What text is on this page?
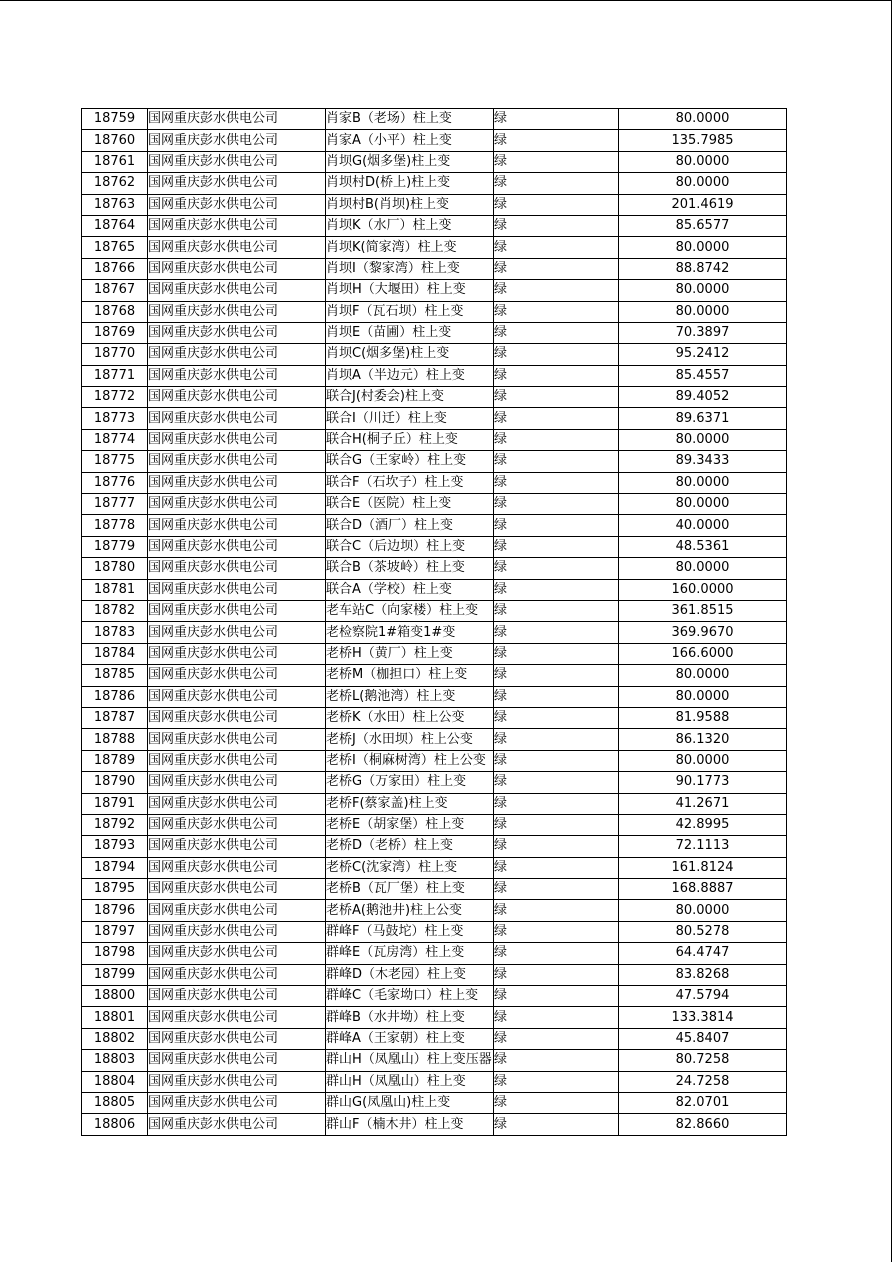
18759	国网重庆彭水供电公司	肖家B（老场）柱上变	绿	80.0000
18760	国网重庆彭水供电公司	肖家A（小平）柱上变	绿	135.7985
18761	国网重庆彭水供电公司	肖坝G(烟多堡)柱上变	绿	80.0000
18762	国网重庆彭水供电公司	肖坝村D(桥上)柱上变	绿	80.0000
18763	国网重庆彭水供电公司	肖坝村B(肖坝)柱上变	绿	201.4619
18764	国网重庆彭水供电公司	肖坝K（水厂）柱上变	绿	85.6577
18765	国网重庆彭水供电公司	肖坝K(简家湾）柱上变	绿	80.0000
18766	国网重庆彭水供电公司	肖坝I（黎家湾）柱上变	绿	88.8742
18767	国网重庆彭水供电公司	肖坝H（大堰田）柱上变	绿	80.0000
18768	国网重庆彭水供电公司	肖坝F（瓦石坝）柱上变	绿	80.0000
18769	国网重庆彭水供电公司	肖坝E（苗圃）柱上变	绿	70.3897
18770	国网重庆彭水供电公司	肖坝C(烟多堡)柱上变	绿	95.2412
18771	国网重庆彭水供电公司	肖坝A（半边元）柱上变	绿	85.4557
18772	国网重庆彭水供电公司	联合J(村委会)柱上变	绿	89.4052
18773	国网重庆彭水供电公司	联合I（川迁）柱上变	绿	89.6371
18774	国网重庆彭水供电公司	联合H(桐子丘）柱上变	绿	80.0000
18775	国网重庆彭水供电公司	联合G（王家岭）柱上变	绿	89.3433
18776	国网重庆彭水供电公司	联合F（石坎子）柱上变	绿	80.0000
18777	国网重庆彭水供电公司	联合E（医院）柱上变	绿	80.0000
18778	国网重庆彭水供电公司	联合D（酒厂）柱上变	绿	40.0000
18779	国网重庆彭水供电公司	联合C（后边坝）柱上变	绿	48.5361
18780	国网重庆彭水供电公司	联合B（茶坡岭）柱上变	绿	80.0000
18781	国网重庆彭水供电公司	联合A（学校）柱上变	绿	160.0000
18782	国网重庆彭水供电公司	老车站C（向家楼）柱上变	绿	361.8515
18783	国网重庆彭水供电公司	老检察院1#箱变1#变	绿	369.9670
18784	国网重庆彭水供电公司	老桥H（黄厂）柱上变	绿	166.6000
18785	国网重庆彭水供电公司	老桥M（枷担口）柱上变	绿	80.0000
18786	国网重庆彭水供电公司	老桥L(鹅池湾）柱上变	绿	80.0000
18787	国网重庆彭水供电公司	老桥K（水田）柱上公变	绿	81.9588
18788	国网重庆彭水供电公司	老桥J（水田坝）柱上公变	绿	86.1320
18789	国网重庆彭水供电公司	老桥I（桐麻树湾）柱上公变	绿	80.0000
18790	国网重庆彭水供电公司	老桥G（万家田）柱上变	绿	90.1773
18791	国网重庆彭水供电公司	老桥F(蔡家盖)柱上变	绿	41.2671
18792	国网重庆彭水供电公司	老桥E（胡家堡）柱上变	绿	42.8995
18793	国网重庆彭水供电公司	老桥D（老桥）柱上变	绿	72.1113
18794	国网重庆彭水供电公司	老桥C(沈家湾）柱上变	绿	161.8124
18795	国网重庆彭水供电公司	老桥B（瓦厂堡）柱上变	绿	168.8887
18796	国网重庆彭水供电公司	老桥A(鹅池井)柱上公变	绿	80.0000
18797	国网重庆彭水供电公司	群峰F（马鼓坨）柱上变	绿	80.5278
18798	国网重庆彭水供电公司	群峰E（瓦房湾）柱上变	绿	64.4747
18799	国网重庆彭水供电公司	群峰D（木老园）柱上变	绿	83.8268
18800	国网重庆彭水供电公司	群峰C（毛家坳口）柱上变	绿	47.5794
18801	国网重庆彭水供电公司	群峰B（水井坳）柱上变	绿	133.3814
18802	国网重庆彭水供电公司	群峰A（王家朝）柱上变	绿	45.8407
18803	国网重庆彭水供电公司	群山H（凤凰山）柱上变压器	绿	80.7258
18804	国网重庆彭水供电公司	群山H（凤凰山）柱上变	绿	24.7258
18805	国网重庆彭水供电公司	群山G(凤凰山)柱上变	绿	82.0701
18806	国网重庆彭水供电公司	群山F（楠木井）柱上变	绿	82.8660
